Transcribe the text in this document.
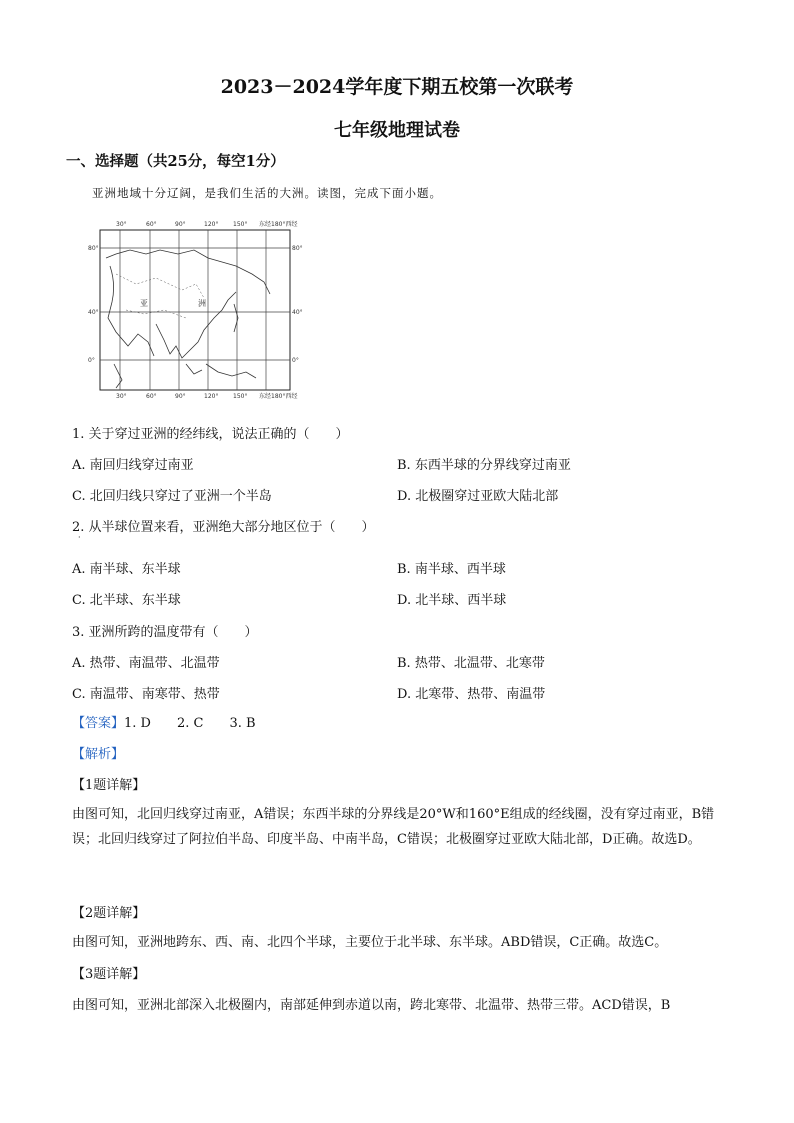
2023－2024学年度下期五校第一次联考
七年级地理试卷
一、选择题（共25分，每空1分）
亚洲地域十分辽阔，是我们生活的大洲。读图，完成下面小题。
亚	洲
30°	60°	90°	120° 150° 东经180°西经
30°	60°	90°	120° 150° 东经180°西经
80°
40°
0°
80°
40°
0°
1. 关于穿过亚洲的经纬线，说法正确的（　　）
A. 南回归线穿过南亚	B. 东西半球的分界线穿过南亚
C. 北回归线只穿过了亚洲一个半岛	D. 北极圈穿过亚欧大陆北部
2. 从半球位置来看，亚洲绝大部分地区位于（　　）
·
A. 南半球、东半球	B. 南半球、西半球
C. 北半球、东半球	D. 北半球、西半球
3. 亚洲所跨的温度带有（　　）
A. 热带、南温带、北温带	B. 热带、北温带、北寒带
C. 南温带、南寒带、热带	D. 北寒带、热带、南温带
【答案】1. D　　2. C　　3. B
【解析】
【1题详解】
由图可知，北回归线穿过南亚，A错误；东西半球的分界线是20°W和160°E组成的经线圈，没有穿过南亚，B错误；北回归线穿过了阿拉伯半岛、印度半岛、中南半岛，C错误；北极圈穿过亚欧大陆北部，D正确。故选D。
【2题详解】
由图可知，亚洲地跨东、西、南、北四个半球，主要位于北半球、东半球。ABD错误，C正确。故选C。
【3题详解】
由图可知，亚洲北部深入北极圈内，南部延伸到赤道以南，跨北寒带、北温带、热带三带。ACD错误，B
